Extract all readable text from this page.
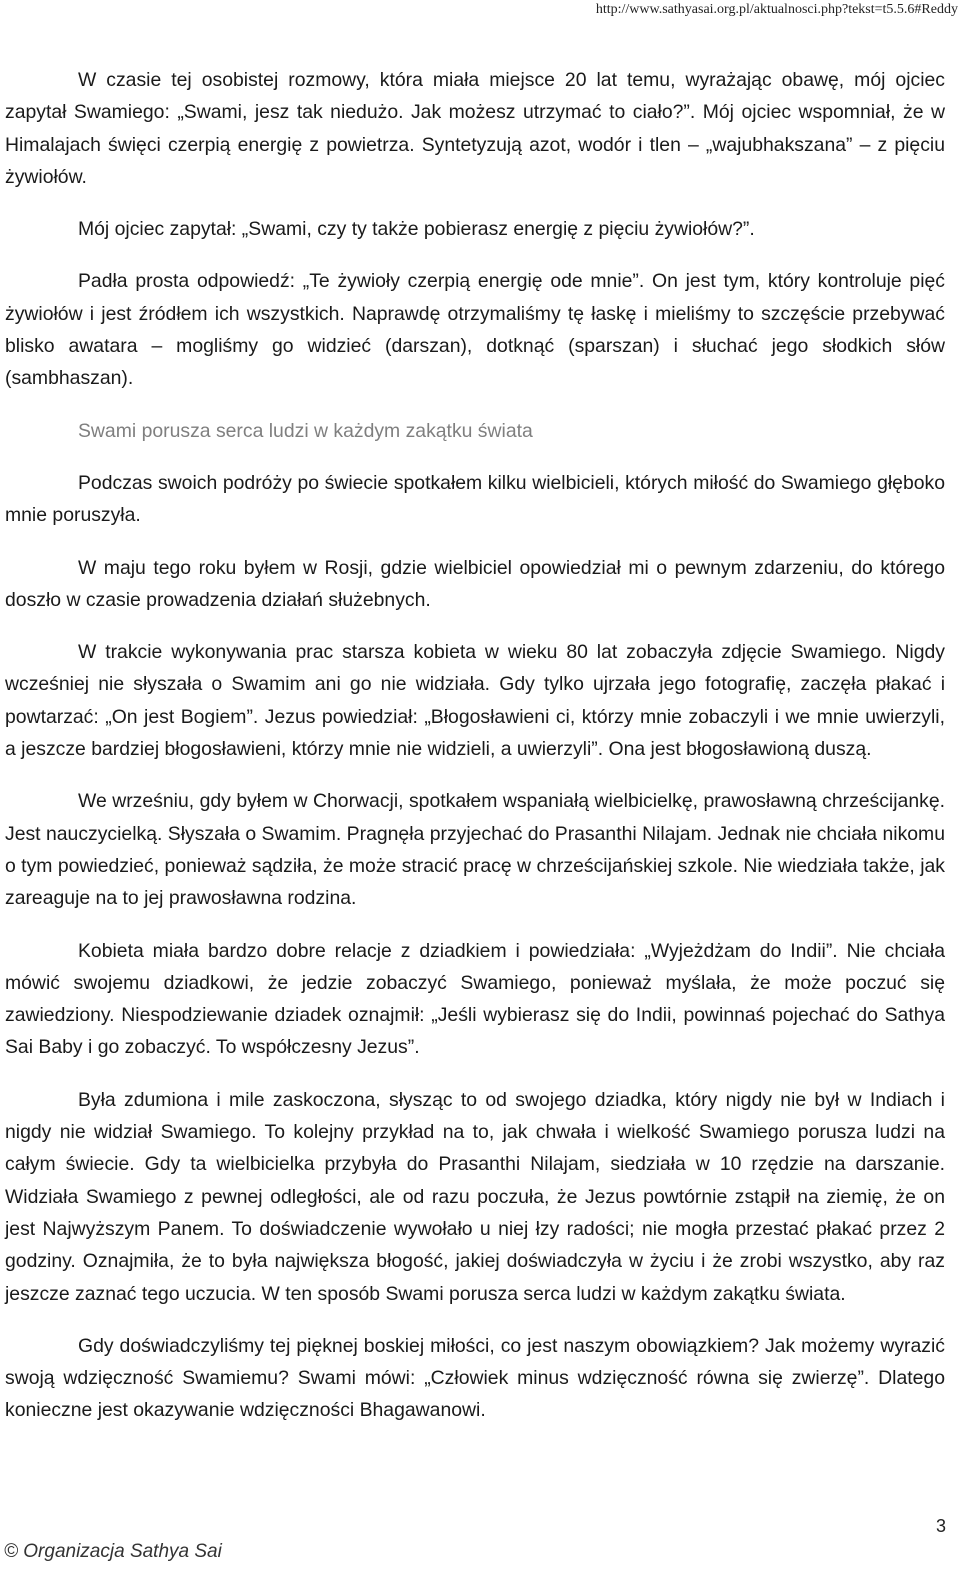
http://www.sathyasai.org.pl/aktualnosci.php?tekst=t5.5.6#Reddy

W czasie tej osobistej rozmowy, która miała miejsce 20 lat temu, wyrażając obawę, mój ojciec zapytał Swamiego: „Swami, jesz tak niedużo. Jak możesz utrzymać to ciało?”. Mój ojciec wspomniał, że w Himalajach święci czerpią energię z powietrza. Syntetyzują azot, wodór i tlen – „wajubhakszana” – z pięciu żywiołów.

Mój ojciec zapytał: „Swami, czy ty także pobierasz energię z pięciu żywiołów?”.

Padła prosta odpowiedź: „Te żywioły czerpią energię ode mnie”. On jest tym, który kontroluje pięć żywiołów i jest źródłem ich wszystkich. Naprawdę otrzymaliśmy tę łaskę i mieliśmy to szczęście przebywać blisko awatara – mogliśmy go widzieć (darszan), dotknąć (sparszan) i słuchać jego słodkich słów (sambhaszan).

Swami porusza serca ludzi w każdym zakątku świata

Podczas swoich podróży po świecie spotkałem kilku wielbicieli, których miłość do Swamiego głęboko mnie poruszyła.

W maju tego roku byłem w Rosji, gdzie wielbiciel opowiedział mi o pewnym zdarzeniu, do którego doszło w czasie prowadzenia działań służebnych.

W trakcie wykonywania prac starsza kobieta w wieku 80 lat zobaczyła zdjęcie Swamiego. Nigdy wcześniej nie słyszała o Swamim ani go nie widziała. Gdy tylko ujrzała jego fotografię, zaczęła płakać i powtarzać: „On jest Bogiem”. Jezus powiedział: „Błogosławieni ci, którzy mnie zobaczyli i we mnie uwierzyli, a jeszcze bardziej błogosławieni, którzy mnie nie widzieli, a uwierzyli”. Ona jest błogosławioną duszą.

We wrześniu, gdy byłem w Chorwacji, spotkałem wspaniałą wielbicielkę, prawosławną chrześcijankę. Jest nauczycielką. Słyszała o Swamim. Pragnęła przyjechać do Prasanthi Nilajam. Jednak nie chciała nikomu o tym powiedzieć, ponieważ sądziła, że może stracić pracę w chrześcijańskiej szkole. Nie wiedziała także, jak zareaguje na to jej prawosławna rodzina.

Kobieta miała bardzo dobre relacje z dziadkiem i powiedziała: „Wyjeżdżam do Indii”. Nie chciała mówić swojemu dziadkowi, że jedzie zobaczyć Swamiego, ponieważ myślała, że może poczuć się zawiedziony. Niespodziewanie dziadek oznajmił: „Jeśli wybierasz się do Indii, powinnaś pojechać do Sathya Sai Baby i go zobaczyć. To współczesny Jezus”.

Była zdumiona i mile zaskoczona, słysząc to od swojego dziadka, który nigdy nie był w Indiach i nigdy nie widział Swamiego. To kolejny przykład na to, jak chwała i wielkość Swamiego porusza ludzi na całym świecie. Gdy ta wielbicielka przybyła do Prasanthi Nilajam, siedziała w 10 rzędzie na darszanie. Widziała Swamiego z pewnej odległości, ale od razu poczuła, że Jezus powtórnie zstąpił na ziemię, że on jest Najwyższym Panem. To doświadczenie wywołało u niej łzy radości; nie mogła przestać płakać przez 2 godziny. Oznajmiła, że to była największa błogość, jakiej doświadczyła w życiu i że zrobi wszystko, aby raz jeszcze zaznać tego uczucia. W ten sposób Swami porusza serca ludzi w każdym zakątku świata.

Gdy doświadczyliśmy tej pięknej boskiej miłości, co jest naszym obowiązkiem? Jak możemy wyrazić swoją wdzięczność Swamiemu? Swami mówi: „Człowiek minus wdzięczność równa się zwierzę”. Dlatego konieczne jest okazywanie wdzięczności Bhagawanowi.

3
© Organizacja Sathya Sai
